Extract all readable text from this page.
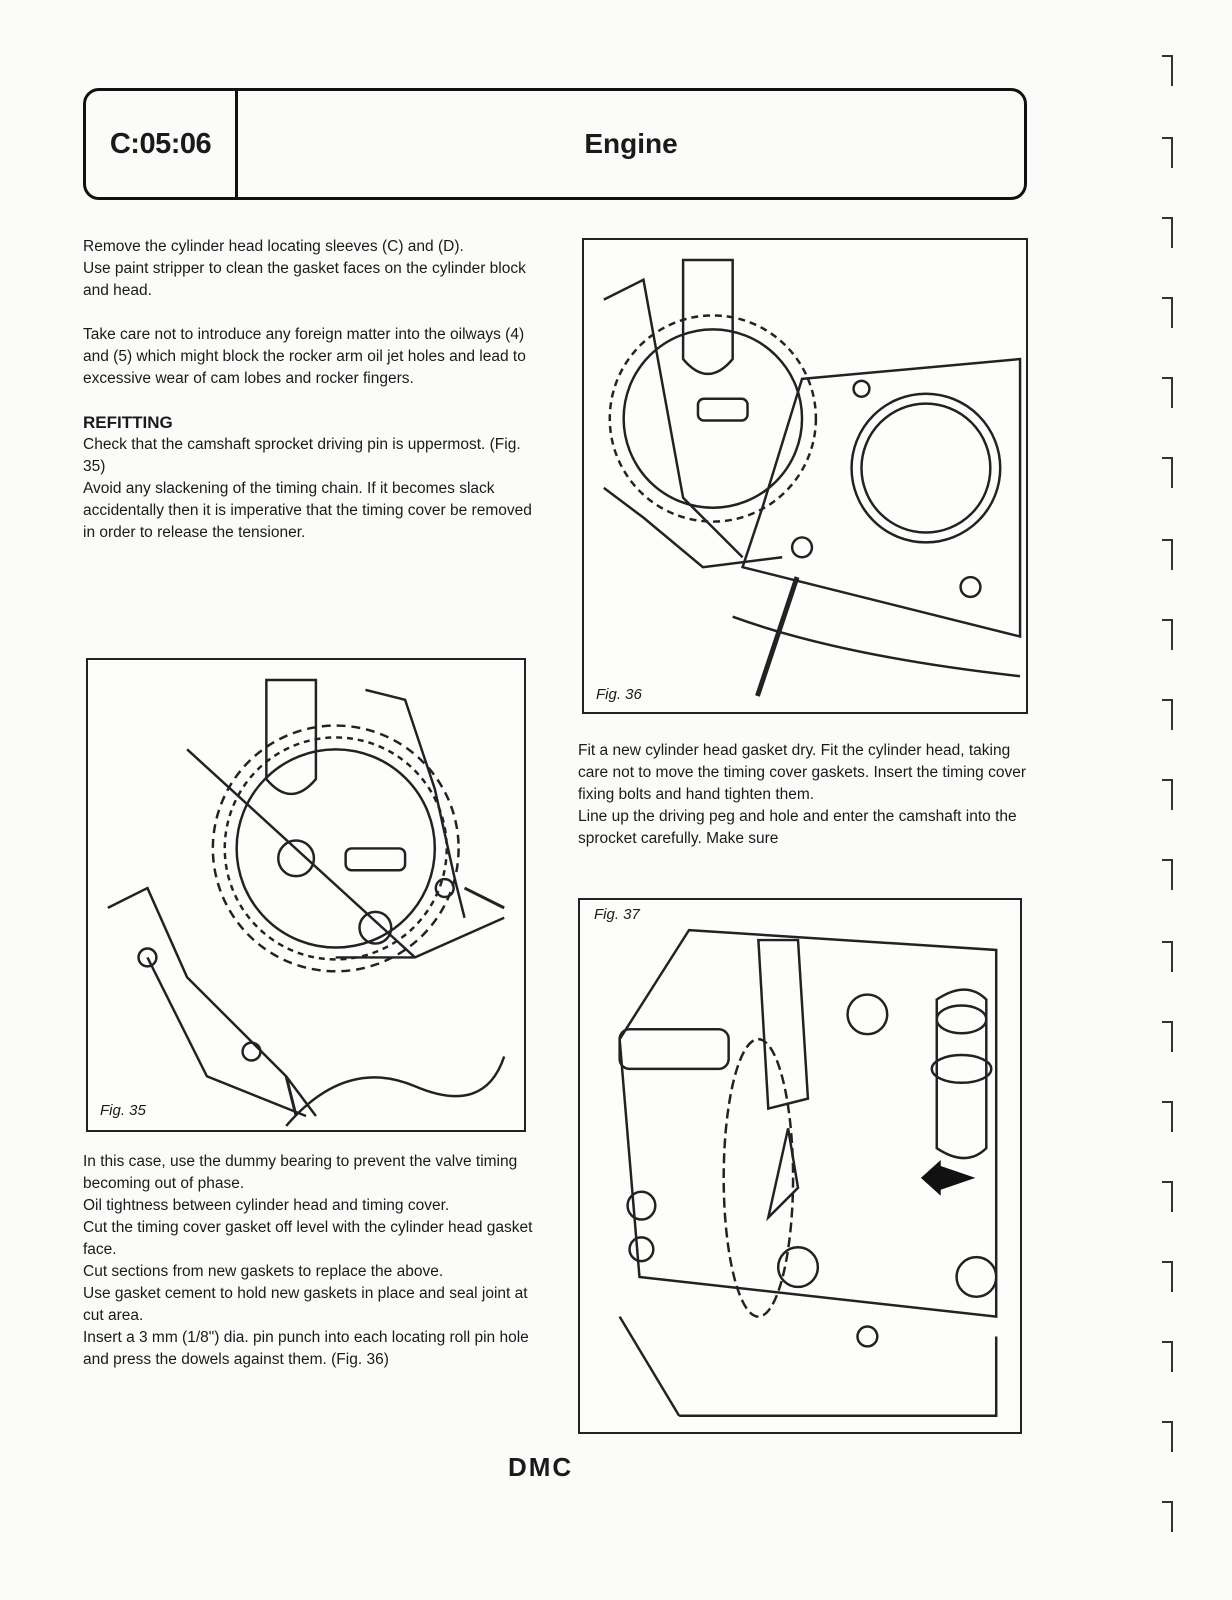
C:05:06	Engine

Remove the cylinder head locating sleeves (C) and (D).

Use paint stripper to clean the gasket faces on the cylinder block and head.

Take care not to introduce any foreign matter into the oilways (4) and (5) which might block the rocker arm oil jet holes and lead to excessive wear of cam lobes and rocker fingers.

REFITTING

Check that the camshaft sprocket driving pin is uppermost. (Fig. 35)

Avoid any slackening of the timing chain. If it becomes slack accidentally then it is imperative that the timing cover be removed in order to release the tensioner.

Fig. 35

In this case, use the dummy bearing to prevent the valve timing becoming out of phase.

Oil tightness between cylinder head and timing cover.

Cut the timing cover gasket off level with the cylinder head gasket face.

Cut sections from new gaskets to replace the above.

Use gasket cement to hold new gaskets in place and seal joint at cut area.

Insert a 3 mm (1/8") dia. pin punch into each locating roll pin hole and press the dowels against them. (Fig. 36)

Fig. 36

Fit a new cylinder head gasket dry. Fit the cylinder head, taking care not to move the timing cover gaskets. Insert the timing cover fixing bolts and hand tighten them.

Line up the driving peg and hole and enter the camshaft into the sprocket carefully. Make sure

Fig. 37
DMC
